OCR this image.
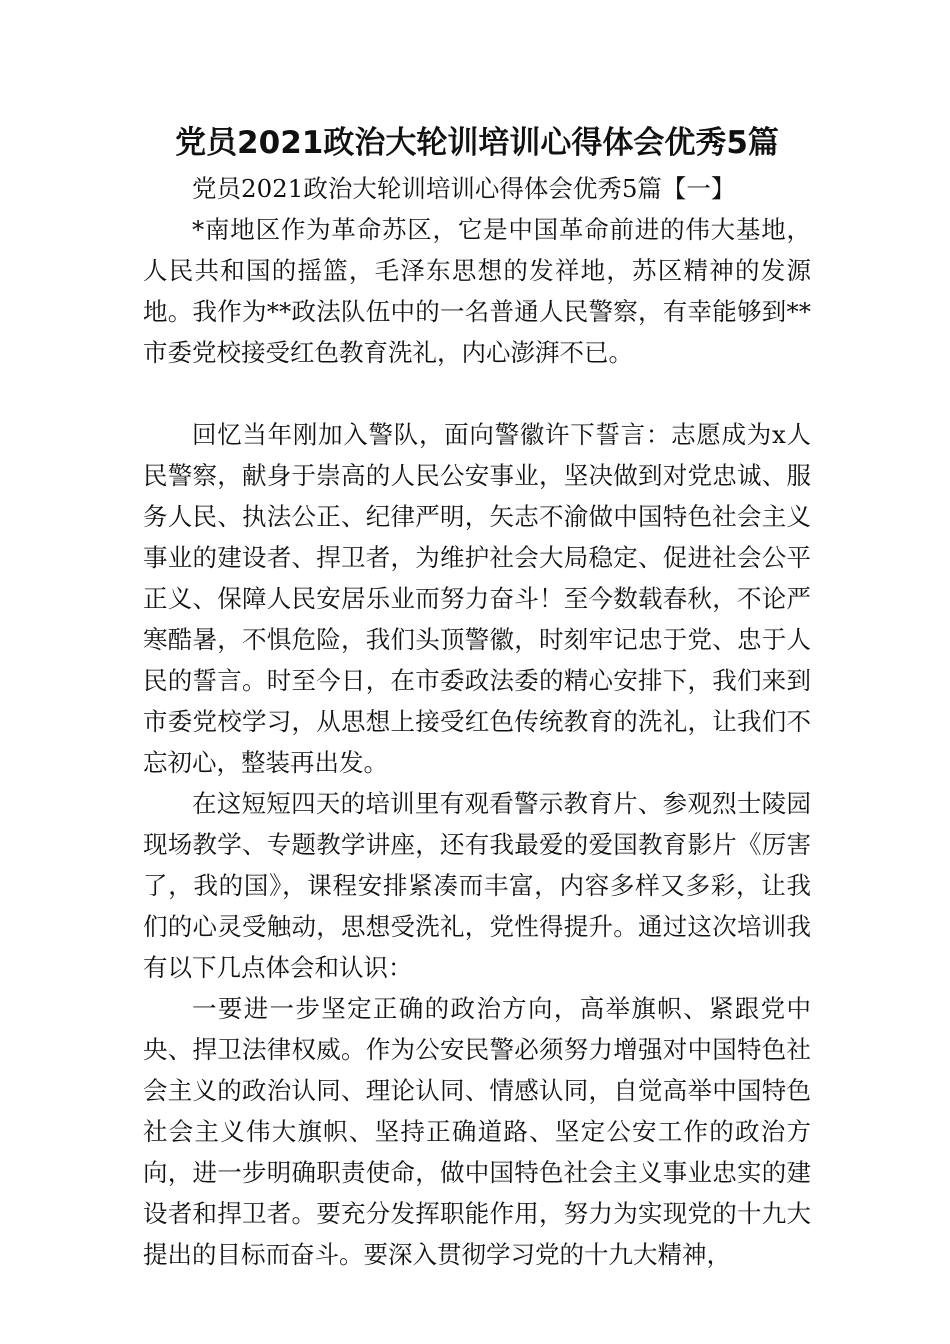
党员2021政治大轮训培训心得体会优秀5篇

党员2021政治大轮训培训心得体会优秀5篇【一】

*南地区作为革命苏区，它是中国革命前进的伟大基地，人民共和国的摇篮，毛泽东思想的发祥地，苏区精神的发源地。我作为**政法队伍中的一名普通人民警察，有幸能够到**市委党校接受红色教育洗礼，内心澎湃不已。

回忆当年刚加入警队，面向警徽许下誓言：志愿成为x人民警察，献身于崇高的人民公安事业，坚决做到对党忠诚、服务人民、执法公正、纪律严明，矢志不渝做中国特色社会主义事业的建设者、捍卫者，为维护社会大局稳定、促进社会公平正义、保障人民安居乐业而努力奋斗！至今数载春秋，不论严寒酷暑，不惧危险，我们头顶警徽，时刻牢记忠于党、忠于人民的誓言。时至今日，在市委政法委的精心安排下，我们来到市委党校学习，从思想上接受红色传统教育的洗礼，让我们不忘初心，整装再出发。

在这短短四天的培训里有观看警示教育片、参观烈士陵园现场教学、专题教学讲座，还有我最爱的爱国教育影片《厉害了，我的国》，课程安排紧凑而丰富，内容多样又多彩，让我们的心灵受触动，思想受洗礼，党性得提升。通过这次培训我有以下几点体会和认识：

一要进一步坚定正确的政治方向，高举旗帜、紧跟党中央、捍卫法律权威。作为公安民警必须努力增强对中国特色社会主义的政治认同、理论认同、情感认同，自觉高举中国特色社会主义伟大旗帜、坚持正确道路、坚定公安工作的政治方向，进一步明确职责使命，做中国特色社会主义事业忠实的建设者和捍卫者。要充分发挥职能作用，努力为实现党的十九大提出的目标而奋斗。要深入贯彻学习党的十九大精神，
